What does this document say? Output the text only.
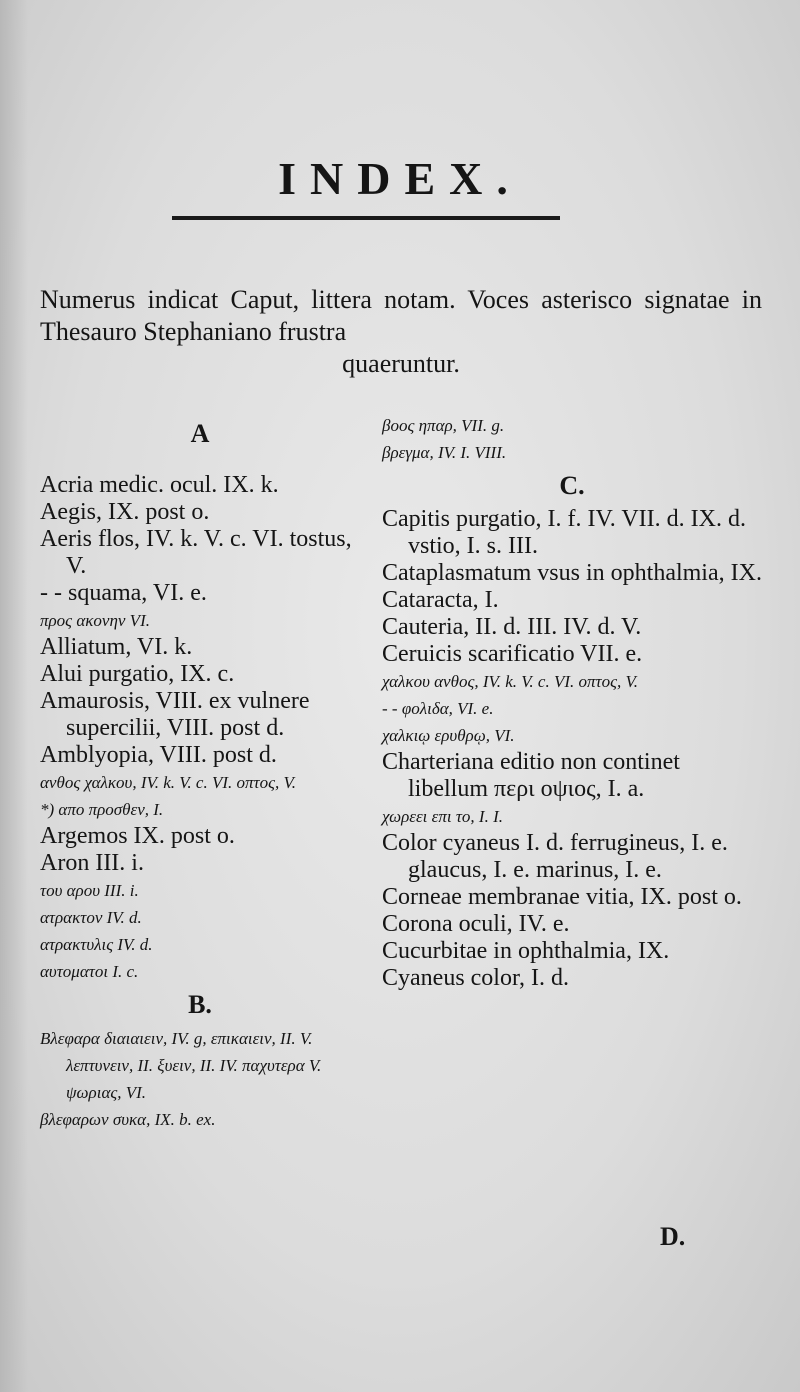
INDEX.
Numerus indicat Caput, littera notam. Voces asterisco signatae in Thesauro Stephaniano frustra
quaeruntur.

A

Acria medic. ocul. IX. k.

Aegis, IX. post o.

Aeris flos, IV. k. V. c. VI. tostus, V.

- - squama, VI. e.

προς ακονην VI.

Alliatum, VI. k.

Alui purgatio, IX. c.

Amaurosis, VIII. ex vulnere supercilii, VIII. post d.

Amblyopia, VIII. post d.

ανθος χαλκου, IV. k. V. c. VI. οπτος, V.

*) απο προσθεν, I.

Argemos IX. post o.

Aron III. i.

του αρου III. i.

ατρακτον IV. d.

ατρακτυλις IV. d.

αυτοματοι I. c.

B.

Βλεφαρα διαιαιειν, IV. g, επικαιειν, II. V. λεπτυνειν, II. ξυειν, II. IV. παχυτερα V. ψωριας, VI.

βλεφαρων συκα, IX. b. ex.

βοος ηπαρ, VII. g.

βρεγμα, IV. I. VIII.

C.

Capitis purgatio, I. f. IV. VII. d. IX. d. vstio, I. s. III.

Cataplasmatum vsus in ophthalmia, IX.

Cataracta, I.

Cauteria, II. d. III. IV. d. V.

Ceruicis scarificatio VII. e.

χαλκου ανθος, IV. k. V. c. VI. οπτος, V.

- - φολιδα, VI. e.

χαλκιῳ ερυθρῳ, VI.

Charteriana editio non continet libellum περι οψιος, I. a.

χωρεει επι το, I. I.

Color cyaneus I. d. ferrugineus, I. e. glaucus, I. e. marinus, I. e.

Corneae membranae vitia, IX. post o.

Corona oculi, IV. e.

Cucurbitae in ophthalmia, IX.

Cyaneus color, I. d.

D.
